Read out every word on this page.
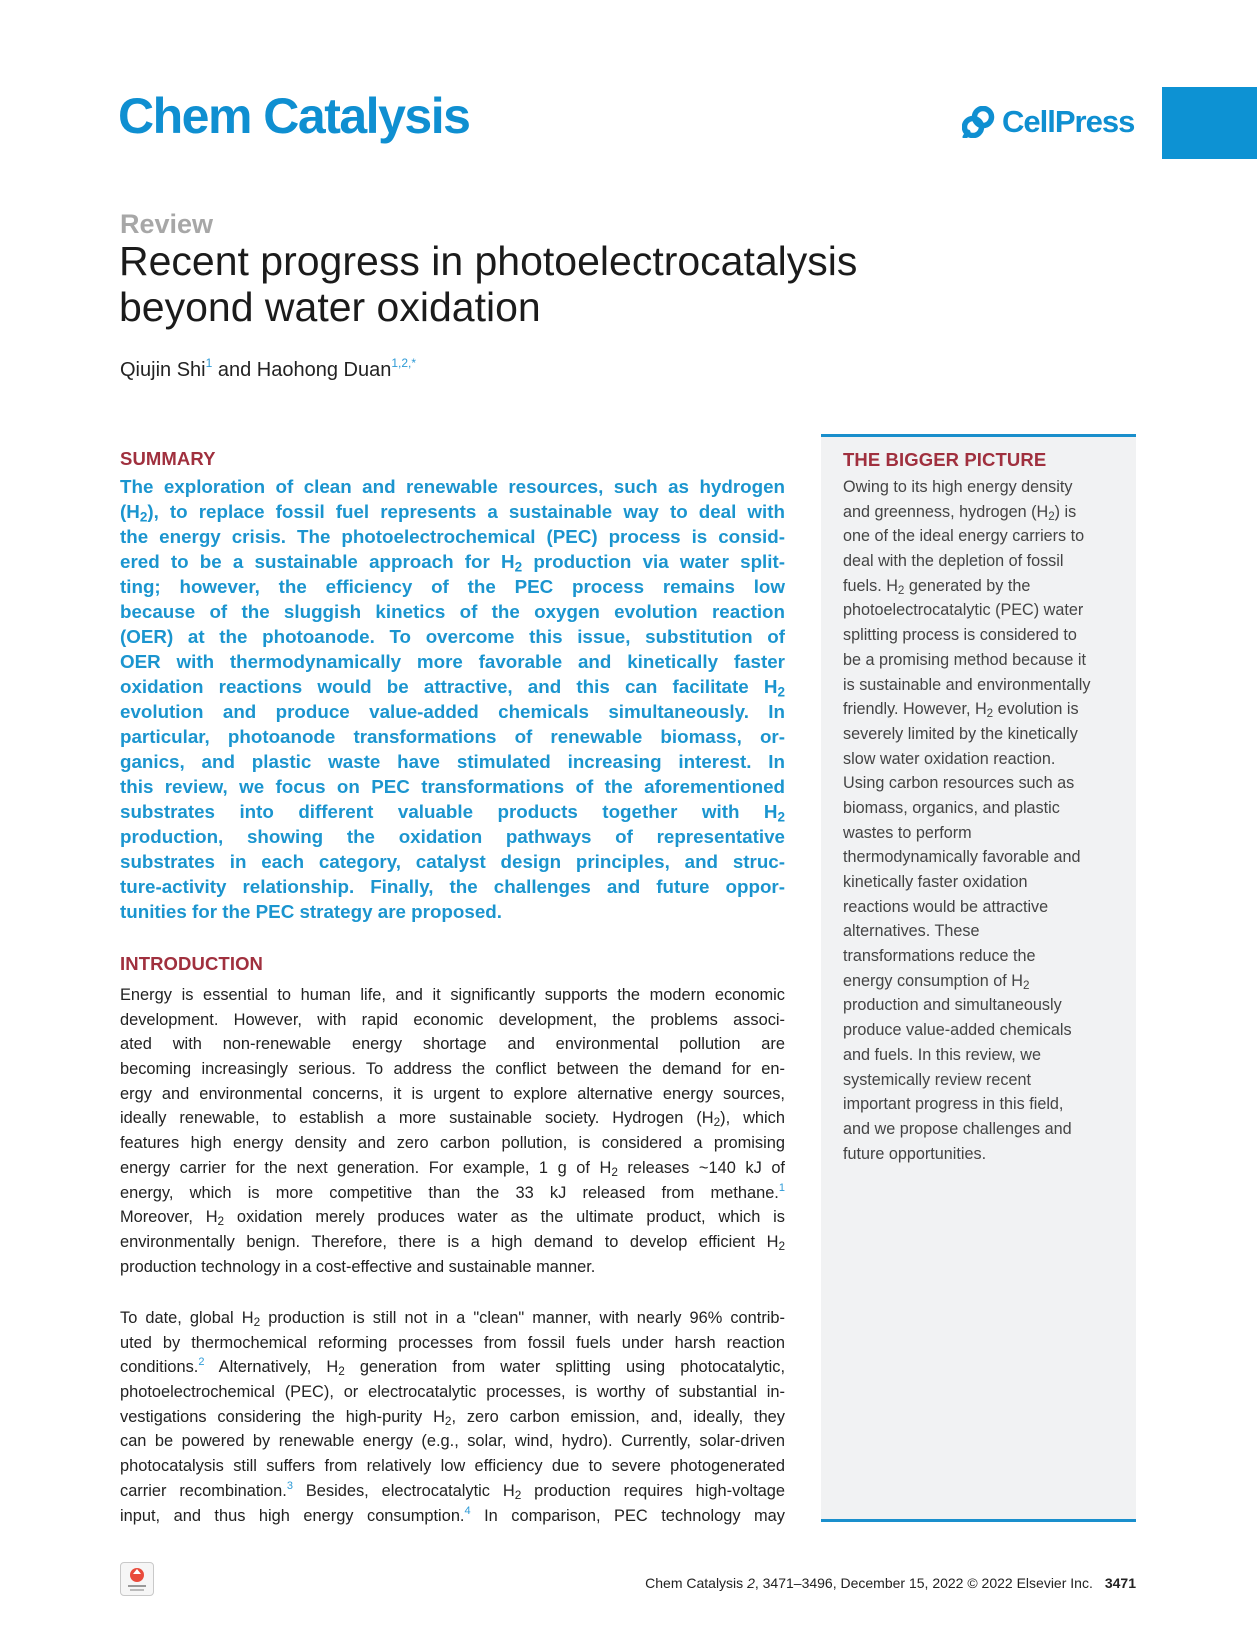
Chem Catalysis	CellPress
Review
Recent progress in photoelectrocatalysis
beyond water oxidation
Qiujin Shi$^1$ and Haohong Duan$^{1,2,*}$
SUMMARY
The exploration of clean and renewable resources, such as hydrogen
$(H_2)$, to replace fossil fuel represents a sustainable way to deal with
the energy crisis. The photoelectrochemical (PEC) process is consid-
ered to be a sustainable approach for $H_2$ production via water split-
ting; however, the efficiency of the PEC process remains low
because of the sluggish kinetics of the oxygen evolution reaction
(OER) at the photoanode. To overcome this issue, substitution of
OER with thermodynamically more favorable and kinetically faster
oxidation reactions would be attractive, and this can facilitate $H_2$
evolution and produce value-added chemicals simultaneously. In
particular, photoanode transformations of renewable biomass, or-
ganics, and plastic waste have stimulated increasing interest. In
this review, we focus on PEC transformations of the aforementioned
substrates into different valuable products together with $H_2$
production, showing the oxidation pathways of representative
substrates in each category, catalyst design principles, and struc-
ture-activity relationship. Finally, the challenges and future oppor-
tunities for the PEC strategy are proposed.
INTRODUCTION
Energy is essential to human life, and it significantly supports the modern economic
development. However, with rapid economic development, the problems associ-
ated with non-renewable energy shortage and environmental pollution are
becoming increasingly serious. To address the conflict between the demand for en-
ergy and environmental concerns, it is urgent to explore alternative energy sources,
ideally renewable, to establish a more sustainable society. Hydrogen $(H_2)$, which
features high energy density and zero carbon pollution, is considered a promising
energy carrier for the next generation. For example, 1 g of $H_2$ releases ~140 kJ of
energy, which is more competitive than the 33 kJ released from methane.$^1$
Moreover, $H_2$ oxidation merely produces water as the ultimate product, which is
environmentally benign. Therefore, there is a high demand to develop efficient $H_2$
production technology in a cost-effective and sustainable manner.
To date, global $H_2$ production is still not in a "clean" manner, with nearly 96% contrib-
uted by thermochemical reforming processes from fossil fuels under harsh reaction
conditions.$^2$ Alternatively, $H_2$ generation from water splitting using photocatalytic,
photoelectrochemical (PEC), or electrocatalytic processes, is worthy of substantial in-
vestigations considering the high-purity $H_2$, zero carbon emission, and, ideally, they
can be powered by renewable energy (e.g., solar, wind, hydro). Currently, solar-driven
photocatalysis still suffers from relatively low efficiency due to severe photogenerated
carrier recombination.$^3$ Besides, electrocatalytic $H_2$ production requires high-voltage
input, and thus high energy consumption.$^4$ In comparison, PEC technology may
THE BIGGER PICTURE
Owing to its high energy density
and greenness, hydrogen $(H_2)$ is
one of the ideal energy carriers to
deal with the depletion of fossil
fuels. $H_2$ generated by the
photoelectrocatalytic (PEC) water
splitting process is considered to
be a promising method because it
is sustainable and environmentally
friendly. However, $H_2$ evolution is
severely limited by the kinetically
slow water oxidation reaction.
Using carbon resources such as
biomass, organics, and plastic
wastes to perform
thermodynamically favorable and
kinetically faster oxidation
reactions would be attractive
alternatives. These
transformations reduce the
energy consumption of $H_2$
production and simultaneously
produce value-added chemicals
and fuels. In this review, we
systemically review recent
important progress in this field,
and we propose challenges and
future opportunities.
Chem Catalysis 2, 3471–3496, December 15, 2022 © 2022 Elsevier Inc. 3471
